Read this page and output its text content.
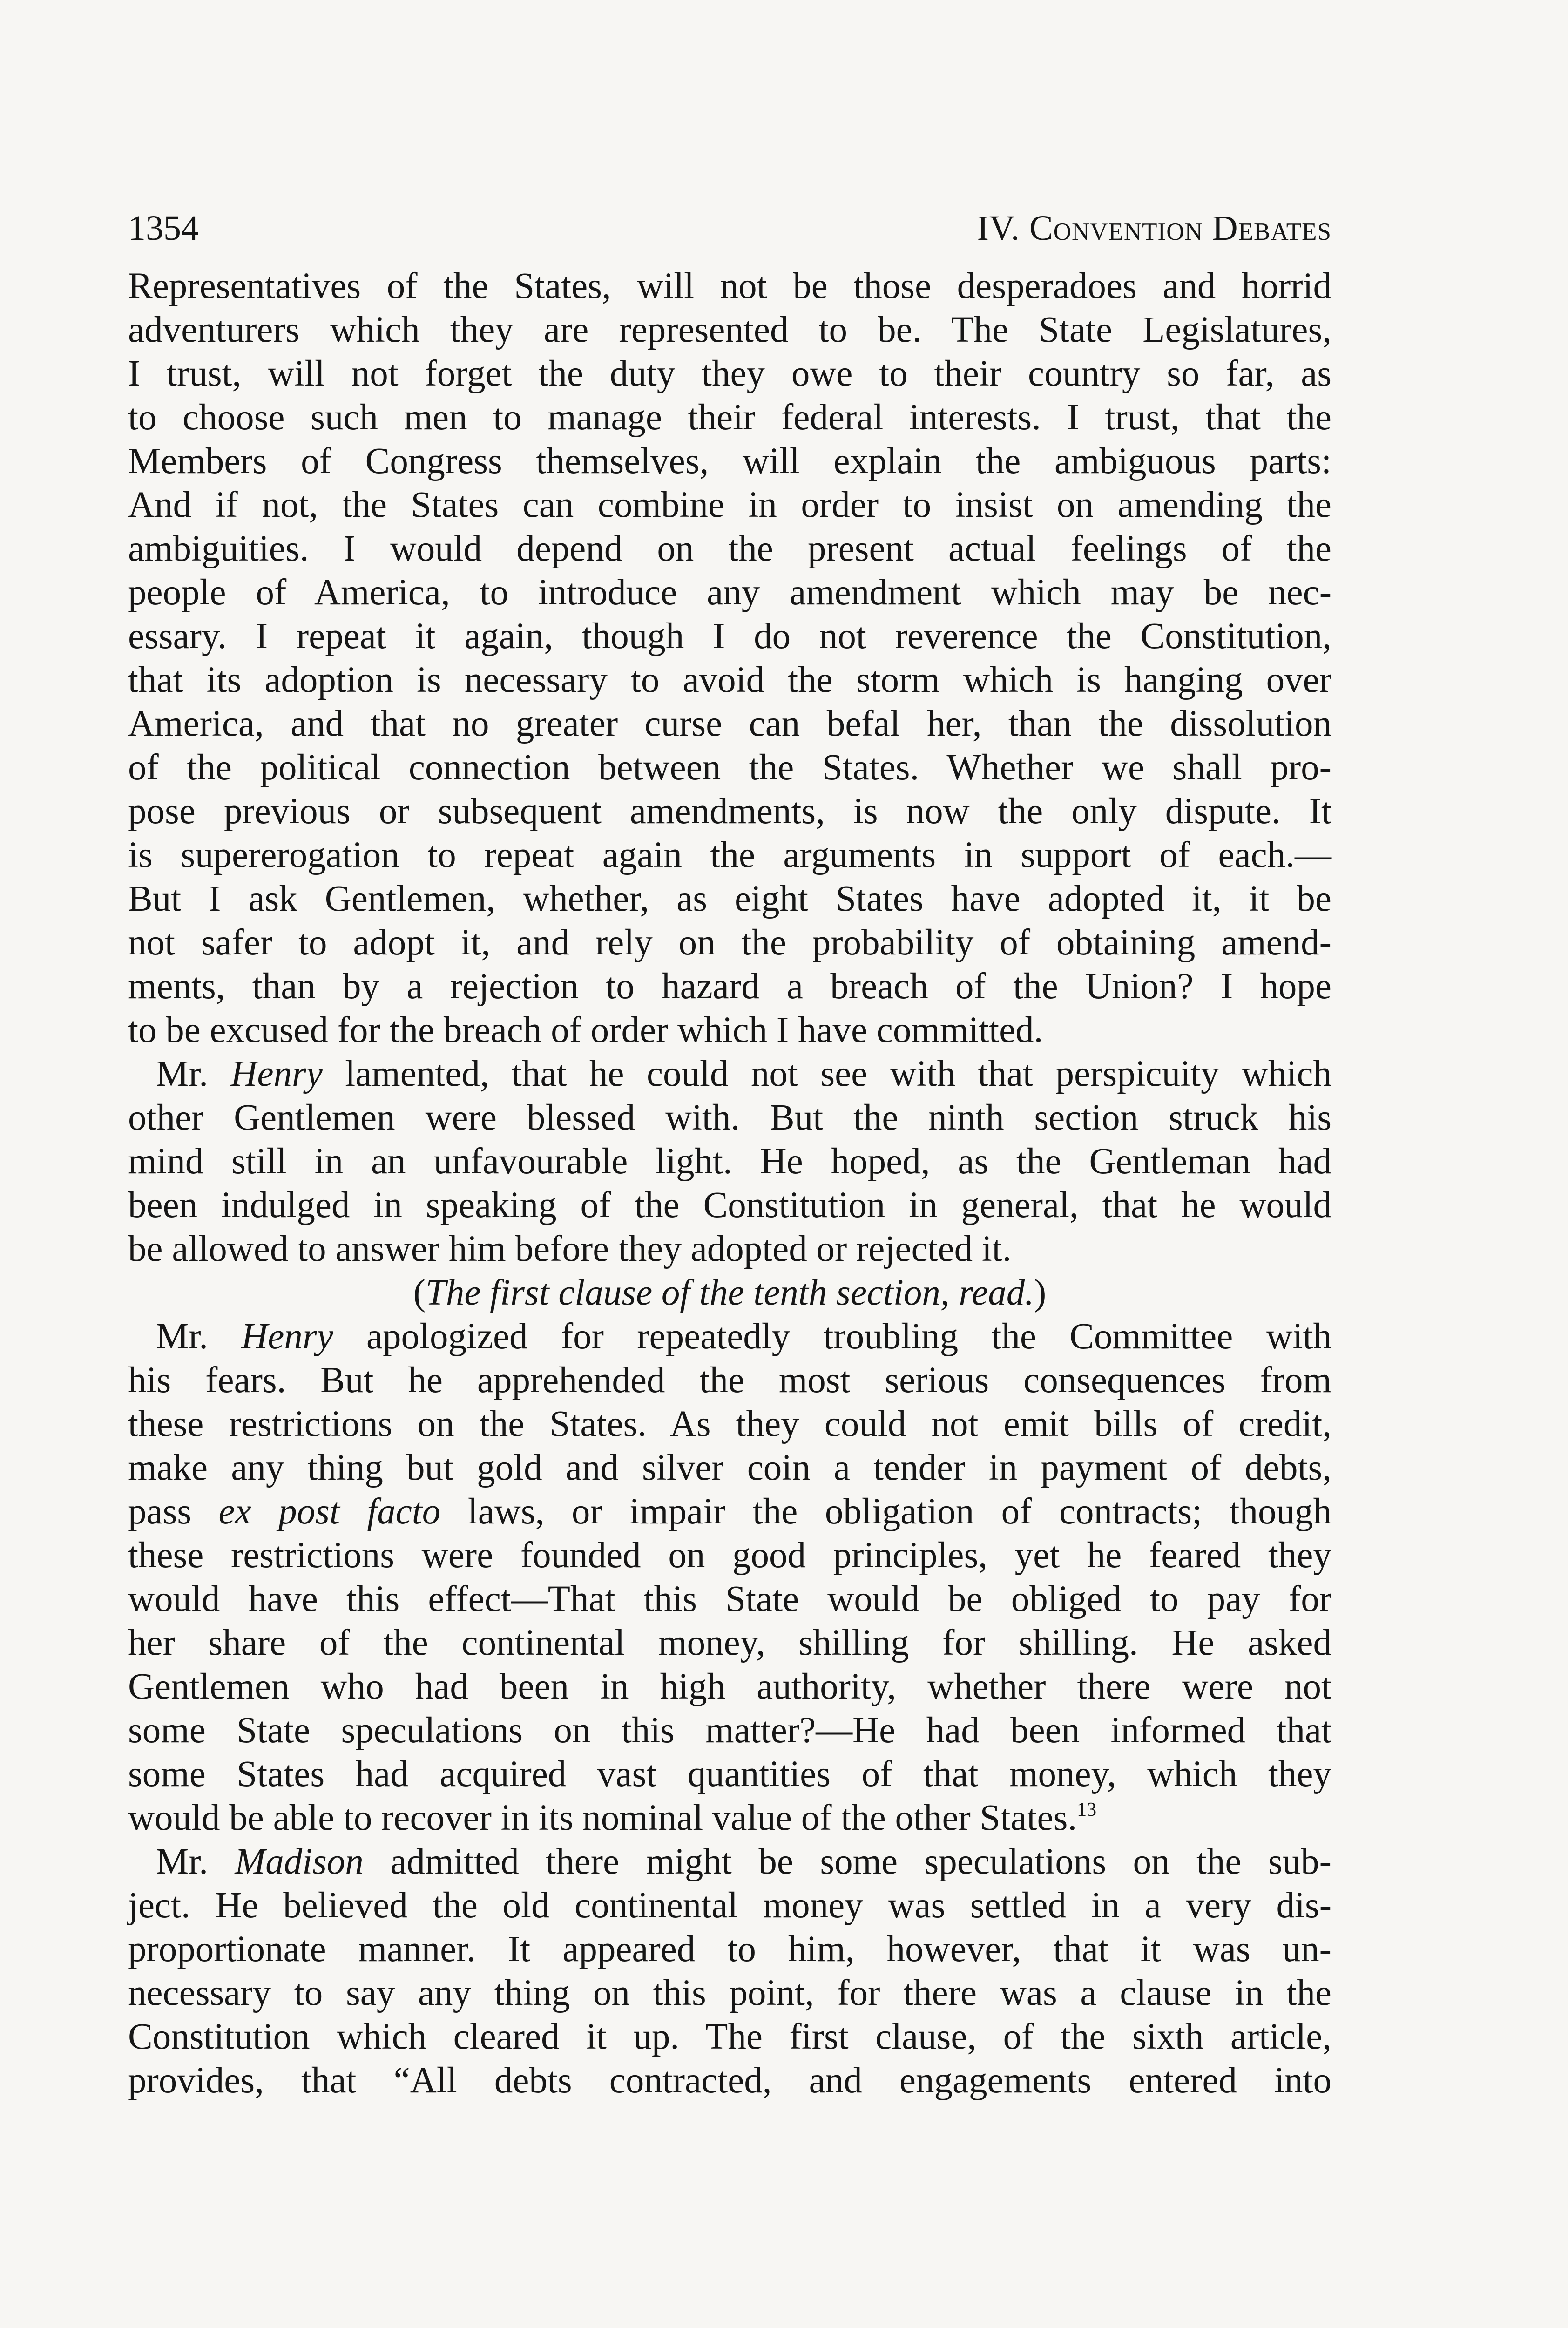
1354	IV. Convention Debates
Representatives of the States, will not be those desperadoes and horrid
adventurers which they are represented to be. The State Legislatures,
I trust, will not forget the duty they owe to their country so far, as
to choose such men to manage their federal interests. I trust, that the
Members of Congress themselves, will explain the ambiguous parts:
And if not, the States can combine in order to insist on amending the
ambiguities. I would depend on the present actual feelings of the
people of America, to introduce any amendment which may be nec-
essary. I repeat it again, though I do not reverence the Constitution,
that its adoption is necessary to avoid the storm which is hanging over
America, and that no greater curse can befal her, than the dissolution
of the political connection between the States. Whether we shall pro-
pose previous or subsequent amendments, is now the only dispute. It
is supererogation to repeat again the arguments in support of each.—
But I ask Gentlemen, whether, as eight States have adopted it, it be
not safer to adopt it, and rely on the probability of obtaining amend-
ments, than by a rejection to hazard a breach of the Union? I hope
to be excused for the breach of order which I have committed.
Mr. Henry lamented, that he could not see with that perspicuity which
other Gentlemen were blessed with. But the ninth section struck his
mind still in an unfavourable light. He hoped, as the Gentleman had
been indulged in speaking of the Constitution in general, that he would
be allowed to answer him before they adopted or rejected it.
(The first clause of the tenth section, read.)
Mr. Henry apologized for repeatedly troubling the Committee with
his fears. But he apprehended the most serious consequences from
these restrictions on the States. As they could not emit bills of credit,
make any thing but gold and silver coin a tender in payment of debts,
pass ex post facto laws, or impair the obligation of contracts; though
these restrictions were founded on good principles, yet he feared they
would have this effect—That this State would be obliged to pay for
her share of the continental money, shilling for shilling. He asked
Gentlemen who had been in high authority, whether there were not
some State speculations on this matter?—He had been informed that
some States had acquired vast quantities of that money, which they
would be able to recover in its nominal value of the other States.$^{13}$
Mr. Madison admitted there might be some speculations on the sub-
ject. He believed the old continental money was settled in a very dis-
proportionate manner. It appeared to him, however, that it was un-
necessary to say any thing on this point, for there was a clause in the
Constitution which cleared it up. The first clause, of the sixth article,
provides, that “All debts contracted, and engagements entered into
